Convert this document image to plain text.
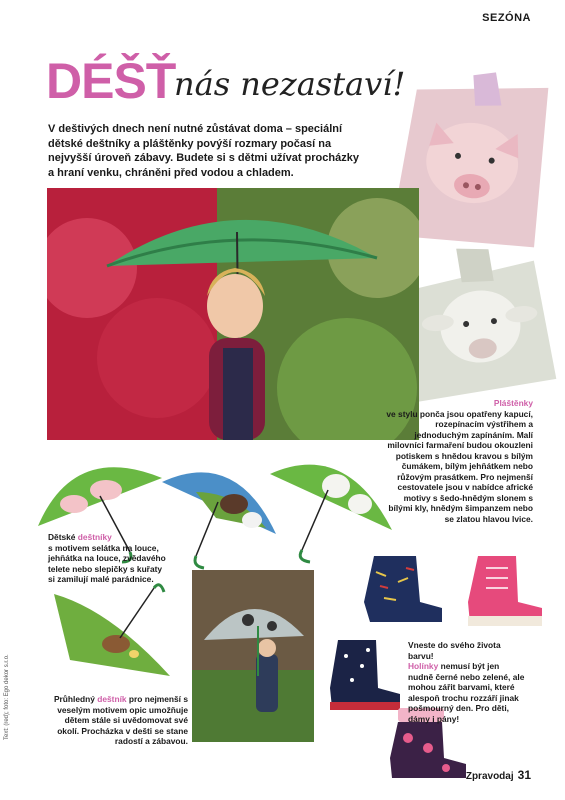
SEZÓNA
DÉŠŤ
nás nezastaví!
V deštivých dnech není nutné zůstávat doma – speciální dětské deštníky a pláštěnky povýší rozmary počasí na nejvyšší úroveň zábavy. Budete si s dětmi užívat procházky a hraní venku, chráněni před vodou a chladem.
Pláštěnky
ve stylu ponča jsou opatřeny kapucí, rozepínacím výstřihem a jednoduchým zapínáním. Malí milovníci farmaření budou okouzleni potiskem s hnědou kravou s bílým čumákem, bílým jehňátkem nebo růžovým prasátkem. Pro nejmenší cestovatele jsou v nabídce africké motivy s šedo-hnědým slonem s bílými kly, hnědým šimpanzem nebo se zlatou hlavou lvice.
Dětské deštníky
s motivem selátka na louce, jehňátka na louce, zvědavého telete nebo slepičky s kuřaty si zamilují malé parádnice.
Průhledný deštník pro nejmenší s veselým motivem opic umožňuje dětem stále si uvědomovat své okolí. Procházka v dešti se stane radostí a zábavou.
Vneste do svého života barvu!
Holínky nemusí být jen nudně černé nebo zelené, ale mohou zářit barvami, které alespoň trochu rozzáří jinak pošmourný den. Pro děti, dámy i pány!
Text: (red); foto: Ego dekor s.r.o.
Zpravodaj 31
